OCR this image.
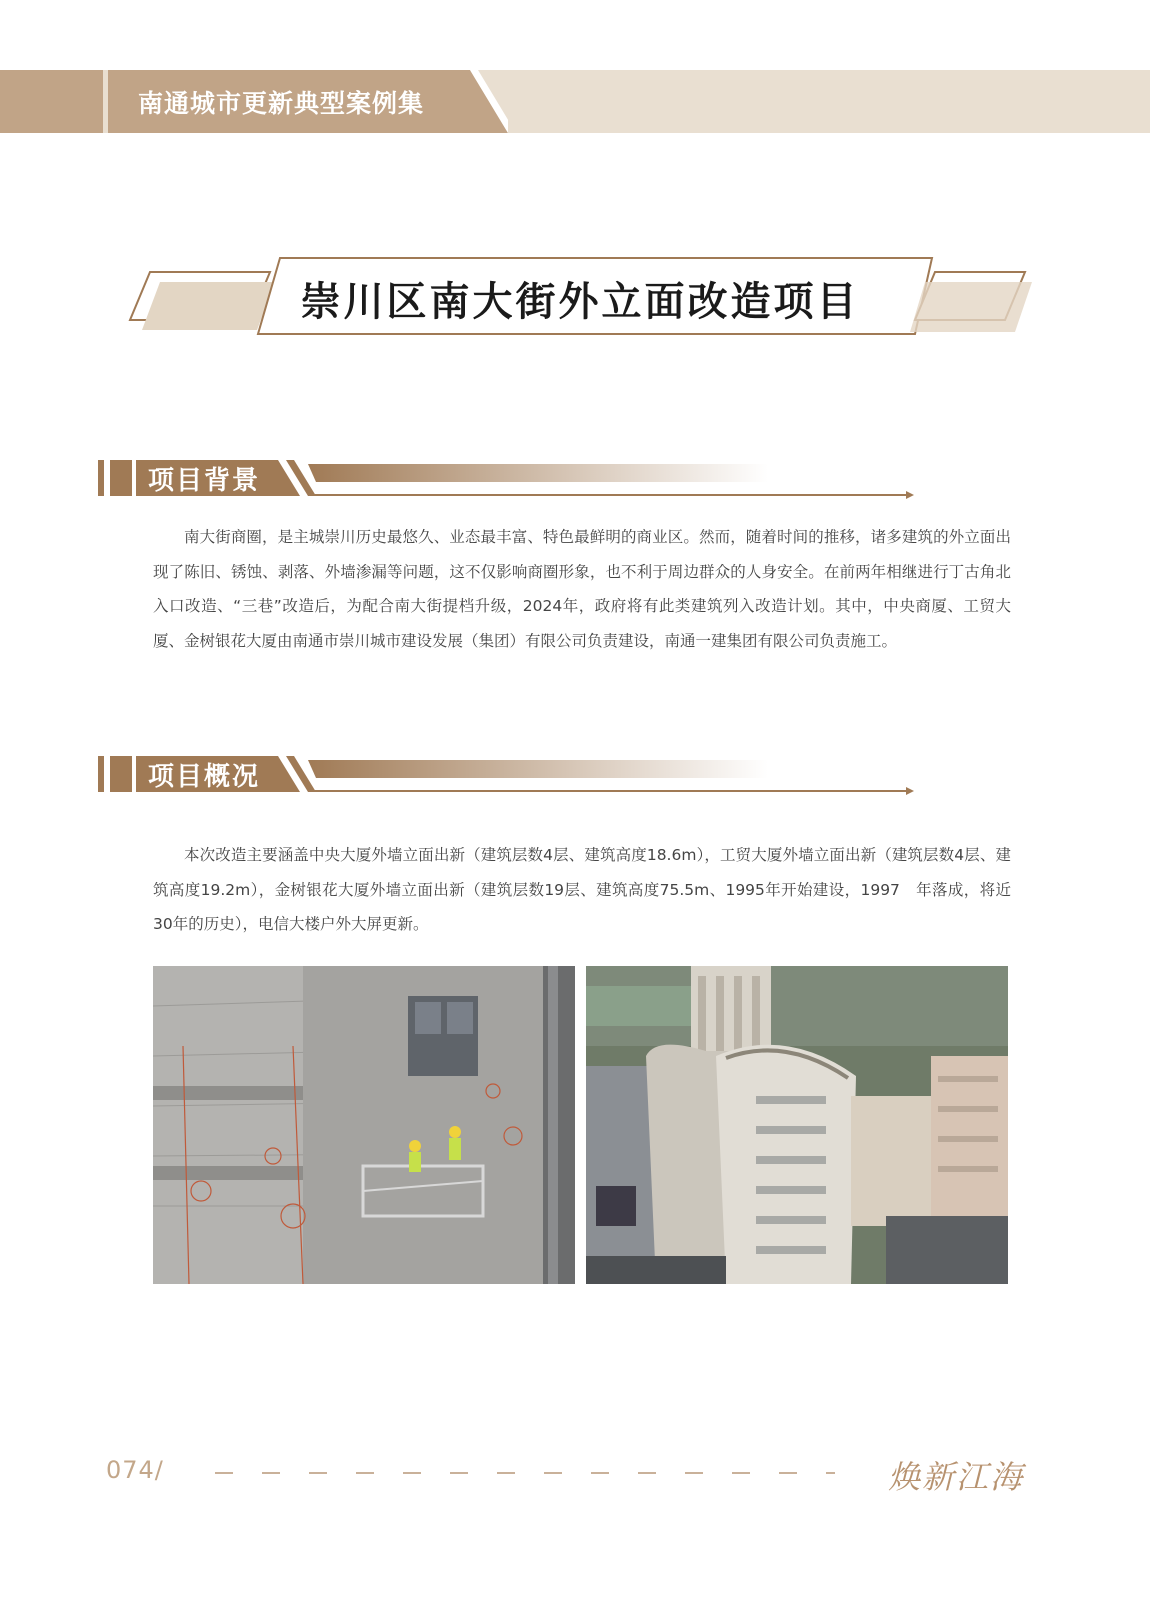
南通城市更新典型案例集
崇川区南大街外立面改造项目
项目背景
南大街商圈，是主城崇川历史最悠久、业态最丰富、特色最鲜明的商业区。然而，随着时间的推移，诸多建筑的外立面出现了陈旧、锈蚀、剥落、外墙渗漏等问题，这不仅影响商圈形象，也不利于周边群众的人身安全。在前两年相继进行丁古角北入口改造、“三巷”改造后，为配合南大街提档升级，2024年，政府将有此类建筑列入改造计划。其中，中央商厦、工贸大厦、金树银花大厦由南通市崇川城市建设发展（集团）有限公司负责建设，南通一建集团有限公司负责施工。
项目概况
本次改造主要涵盖中央大厦外墙立面出新（建筑层数4层、建筑高度18.6m），工贸大厦外墙立面出新（建筑层数4层、建筑高度19.2m），金树银花大厦外墙立面出新（建筑层数19层、建筑高度75.5m、1995年开始建设，1997　年落成，将近30年的历史），电信大楼户外大屏更新。
074/	焕新江海
